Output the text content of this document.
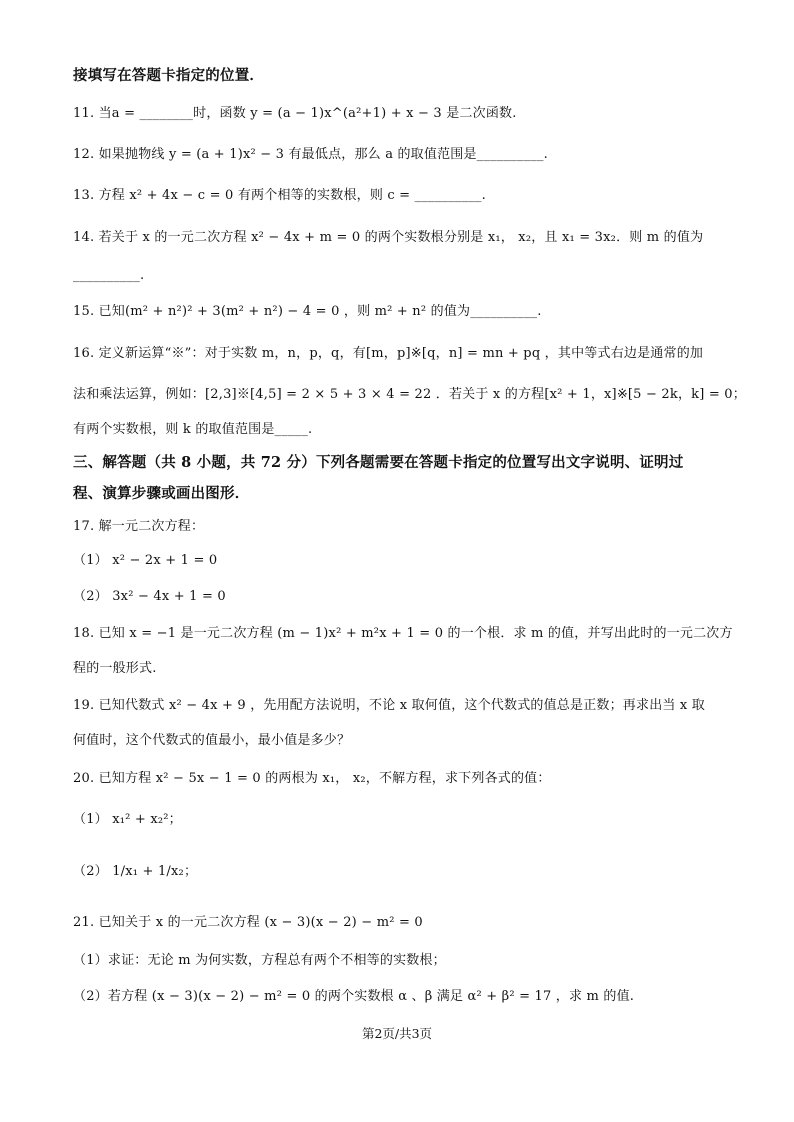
接填写在答题卡指定的位置．
11. 当a = ________时，函数 y = (a − 1)x^(a²+1) + x − 3 是二次函数.
12. 如果抛物线 y = (a + 1)x² − 3 有最低点，那么 a 的取值范围是__________.
13. 方程 x² + 4x − c = 0 有两个相等的实数根，则 c = __________.
14. 若关于 x 的一元二次方程 x² − 4x + m = 0 的两个实数根分别是 x₁， x₂，且 x₁ = 3x₂．则 m 的值为
__________.
15. 已知(m² + n²)² + 3(m² + n²) − 4 = 0 ，则 m² + n² 的值为__________.
16. 定义新运算“※”：对于实数 m，n，p，q，有[m，p]※[q，n] = mn + pq ，其中等式右边是通常的加
法和乘法运算，例如：[2,3]※[4,5] = 2 × 5 + 3 × 4 = 22 ．若关于 x 的方程[x² + 1，x]※[5 − 2k，k] = 0；
有两个实数根，则 k 的取值范围是_____.
三、解答题（共 8 小题，共 72 分）下列各题需要在答题卡指定的位置写出文字说明、证明过
程、演算步骤或画出图形．
17. 解一元二次方程：
（1） x² − 2x + 1 = 0
（2） 3x² − 4x + 1 = 0
18. 已知 x = −1 是一元二次方程 (m − 1)x² + m²x + 1 = 0 的一个根．求 m 的值，并写出此时的一元二次方
程的一般形式.
19. 已知代数式 x² − 4x + 9 ，先用配方法说明，不论 x 取何值，这个代数式的值总是正数；再求出当 x 取
何值时，这个代数式的值最小，最小值是多少？
20. 已知方程 x² − 5x − 1 = 0 的两根为 x₁， x₂，不解方程，求下列各式的值：
（1） x₁² + x₂²；
（2） 1/x₁ + 1/x₂；
21. 已知关于 x 的一元二次方程 (x − 3)(x − 2) − m² = 0
（1）求证：无论 m 为何实数，方程总有两个不相等的实数根；
（2）若方程 (x − 3)(x − 2) − m² = 0 的两个实数根 α 、β 满足 α² + β² = 17 ，求 m 的值.
第2页/共3页
